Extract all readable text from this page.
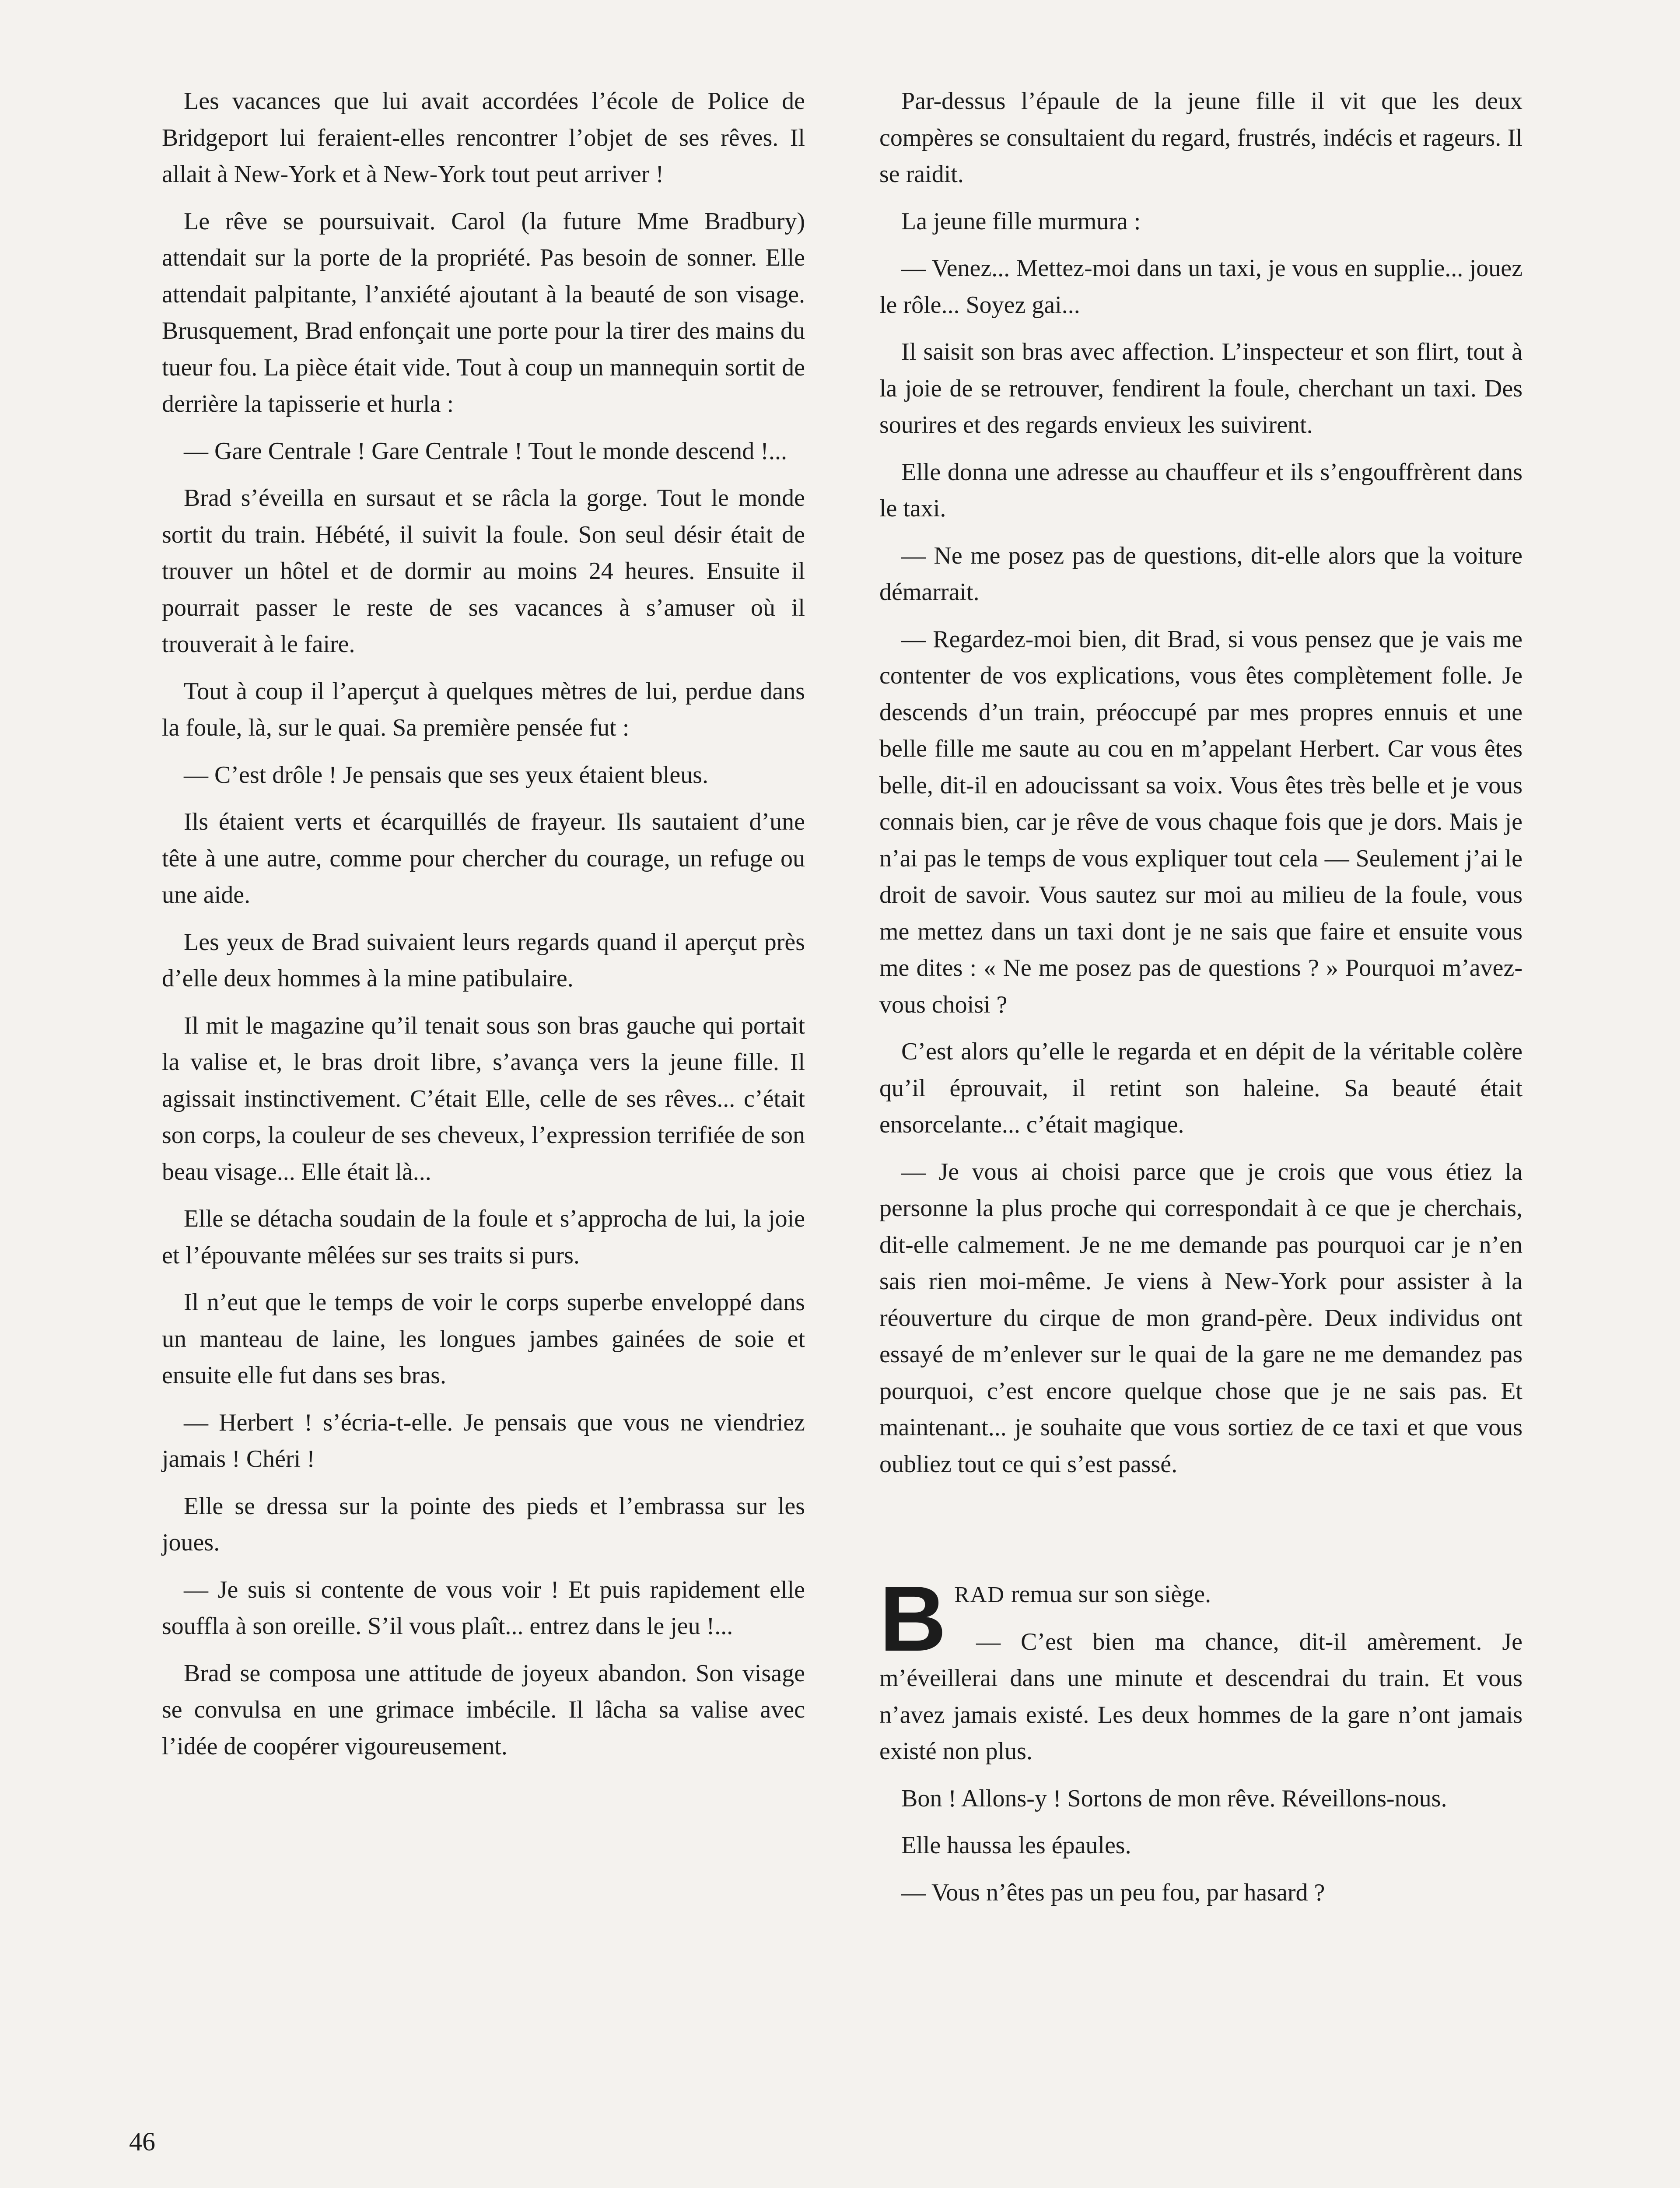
Les vacances que lui avait accordées l’école de Police de Bridgeport lui feraient-elles rencontrer l’objet de ses rêves. Il allait à New-York et à New-York tout peut arriver !

Le rêve se poursuivait. Carol (la future Mme Bradbury) attendait sur la porte de la propriété. Pas besoin de sonner. Elle attendait palpitante, l’anxiété ajoutant à la beauté de son visage. Brusquement, Brad enfonçait une porte pour la tirer des mains du tueur fou. La pièce était vide. Tout à coup un mannequin sortit de derrière la tapisserie et hurla :

— Gare Centrale ! Gare Centrale ! Tout le monde descend !...

Brad s’éveilla en sursaut et se râcla la gorge. Tout le monde sortit du train. Hébété, il suivit la foule. Son seul désir était de trouver un hôtel et de dormir au moins 24 heures. Ensuite il pourrait passer le reste de ses vacances à s’amuser où il trouverait à le faire.

Tout à coup il l’aperçut à quelques mètres de lui, perdue dans la foule, là, sur le quai. Sa première pensée fut :

— C’est drôle ! Je pensais que ses yeux étaient bleus.

Ils étaient verts et écarquillés de frayeur. Ils sautaient d’une tête à une autre, comme pour chercher du courage, un refuge ou une aide.

Les yeux de Brad suivaient leurs regards quand il aperçut près d’elle deux hommes à la mine patibulaire.

Il mit le magazine qu’il tenait sous son bras gauche qui portait la valise et, le bras droit libre, s’avança vers la jeune fille. Il agissait instinctivement. C’était Elle, celle de ses rêves... c’était son corps, la couleur de ses cheveux, l’expression terrifiée de son beau visage... Elle était là...

Elle se détacha soudain de la foule et s’approcha de lui, la joie et l’épouvante mêlées sur ses traits si purs.

Il n’eut que le temps de voir le corps superbe enveloppé dans un manteau de laine, les longues jambes gainées de soie et ensuite elle fut dans ses bras.

— Herbert ! s’écria-t-elle. Je pensais que vous ne viendriez jamais ! Chéri !

Elle se dressa sur la pointe des pieds et l’embrassa sur les joues.

— Je suis si contente de vous voir ! Et puis rapidement elle souffla à son oreille. S’il vous plaît... entrez dans le jeu !...

Brad se composa une attitude de joyeux abandon. Son visage se convulsa en une grimace imbécile. Il lâcha sa valise avec l’idée de coopérer vigoureusement.

Par-dessus l’épaule de la jeune fille il vit que les deux compères se consultaient du regard, frustrés, indécis et rageurs. Il se raidit.

La jeune fille murmura :

— Venez... Mettez-moi dans un taxi, je vous en supplie... jouez le rôle... Soyez gai...

Il saisit son bras avec affection. L’inspecteur et son flirt, tout à la joie de se retrouver, fendirent la foule, cherchant un taxi. Des sourires et des regards envieux les suivirent.

Elle donna une adresse au chauffeur et ils s’engouffrèrent dans le taxi.

— Ne me posez pas de questions, dit-elle alors que la voiture démarrait.

— Regardez-moi bien, dit Brad, si vous pensez que je vais me contenter de vos explications, vous êtes complètement folle. Je descends d’un train, préoccupé par mes propres ennuis et une belle fille me saute au cou en m’appelant Herbert. Car vous êtes belle, dit-il en adoucissant sa voix. Vous êtes très belle et je vous connais bien, car je rêve de vous chaque fois que je dors. Mais je n’ai pas le temps de vous expliquer tout cela — Seulement j’ai le droit de savoir. Vous sautez sur moi au milieu de la foule, vous me mettez dans un taxi dont je ne sais que faire et ensuite vous me dites : « Ne me posez pas de questions ? » Pourquoi m’avez-vous choisi ?

C’est alors qu’elle le regarda et en dépit de la véritable colère qu’il éprouvait, il retint son haleine. Sa beauté était ensorcelante... c’était magique.

— Je vous ai choisi parce que je crois que vous étiez la personne la plus proche qui correspondait à ce que je cherchais, dit-elle calmement. Je ne me demande pas pourquoi car je n’en sais rien moi-même. Je viens à New-York pour assister à la réouverture du cirque de mon grand-père. Deux individus ont essayé de m’enlever sur le quai de la gare ne me demandez pas pourquoi, c’est encore quelque chose que je ne sais pas. Et maintenant... je souhaite que vous sortiez de ce taxi et que vous oubliez tout ce qui s’est passé.

BRAD remua sur son siège.

— C’est bien ma chance, dit-il amèrement. Je m’éveillerai dans une minute et descendrai du train. Et vous n’avez jamais existé. Les deux hommes de la gare n’ont jamais existé non plus.

Bon ! Allons-y ! Sortons de mon rêve. Réveillons-nous.

Elle haussa les épaules.

— Vous n’êtes pas un peu fou, par hasard ?

46
